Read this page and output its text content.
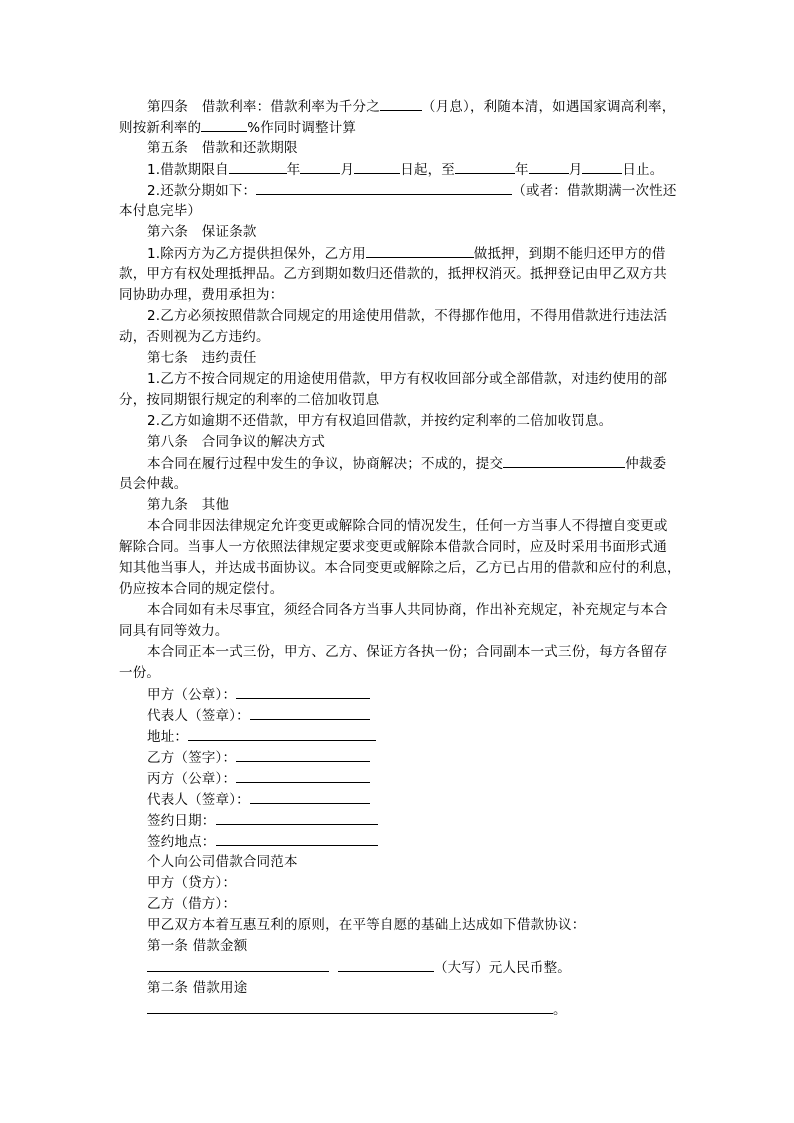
第四条　借款利率：借款利率为千分之	（月息），利随本清，如遇国家调高利率，
则按新利率的	%作同时调整计算
第五条　借款和还款期限
1.借款期限自	年	月	日起，至	年	月	日止。
2.还款分期如下：	（或者：借款期满一次性还
本付息完毕）
第六条　保证条款
1.除丙方为乙方提供担保外，乙方用	做抵押，到期不能归还甲方的借
款，甲方有权处理抵押品。乙方到期如数归还借款的，抵押权消灭。抵押登记由甲乙双方共
同协助办理，费用承担为：
2.乙方必须按照借款合同规定的用途使用借款，不得挪作他用，不得用借款进行违法活
动，否则视为乙方违约。
第七条　违约责任
1.乙方不按合同规定的用途使用借款，甲方有权收回部分或全部借款，对违约使用的部
分，按同期银行规定的利率的二倍加收罚息
2.乙方如逾期不还借款，甲方有权追回借款，并按约定利率的二倍加收罚息。
第八条　合同争议的解决方式
本合同在履行过程中发生的争议，协商解决；不成的，提交	仲裁委
员会仲裁。
第九条　其他
本合同非因法律规定允许变更或解除合同的情况发生，任何一方当事人不得擅自变更或
解除合同。当事人一方依照法律规定要求变更或解除本借款合同时，应及时采用书面形式通
知其他当事人，并达成书面协议。本合同变更或解除之后，乙方已占用的借款和应付的利息，
仍应按本合同的规定偿付。
本合同如有未尽事宜，须经合同各方当事人共同协商，作出补充规定，补充规定与本合
同具有同等效力。
本合同正本一式三份，甲方、乙方、保证方各执一份；合同副本一式三份，每方各留存
一份。
甲方（公章）：
代表人（签章）：
地址：
乙方（签字）：
丙方（公章）：
代表人（签章）：
签约日期：
签约地点：
个人向公司借款合同范本
甲方（贷方）：
乙方（借方）：
甲乙双方本着互惠互利的原则，在平等自愿的基础上达成如下借款协议：
第一条 借款金额
（大写）元人民币整。
第二条 借款用途
。
